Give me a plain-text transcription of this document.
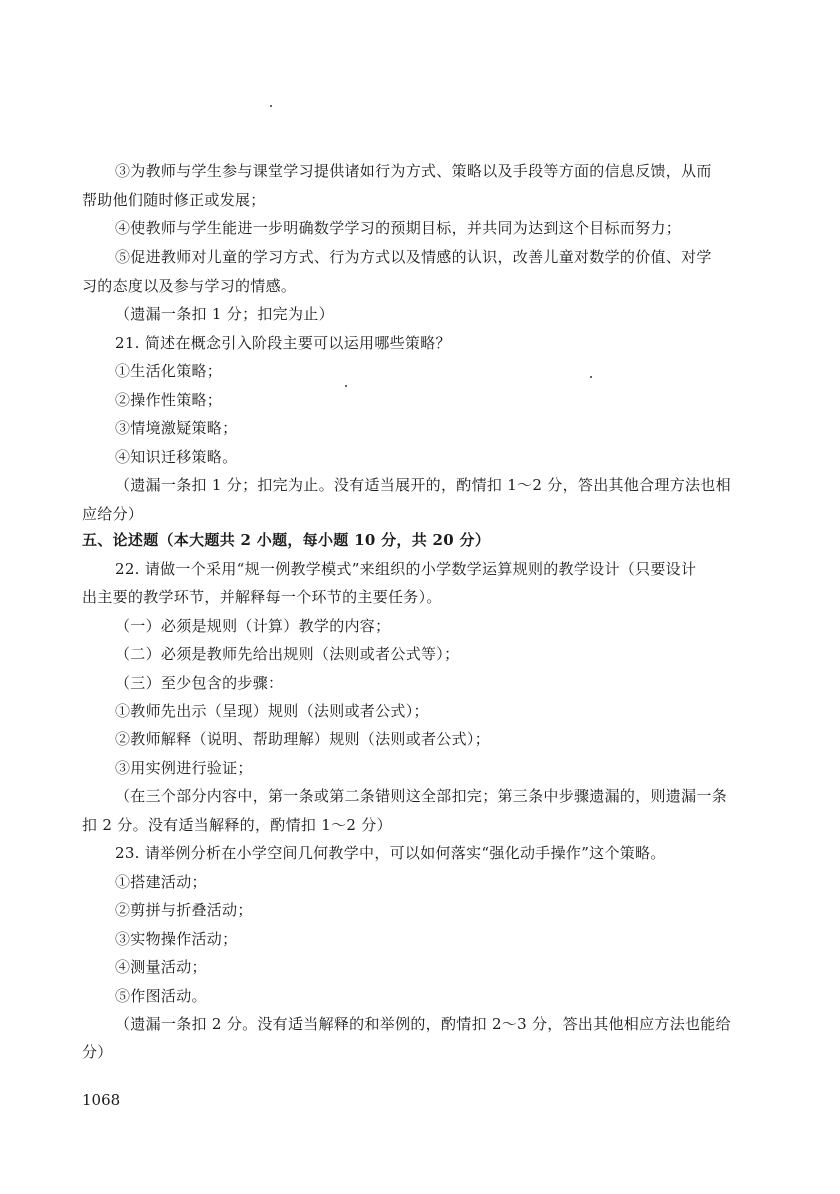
③为教师与学生参与课堂学习提供诸如行为方式、策略以及手段等方面的信息反馈，从而
帮助他们随时修正或发展；
④使教师与学生能进一步明确数学学习的预期目标，并共同为达到这个目标而努力；
⑤促进教师对儿童的学习方式、行为方式以及情感的认识，改善儿童对数学的价值、对学
习的态度以及参与学习的情感。
（遗漏一条扣 1 分；扣完为止）
21. 简述在概念引入阶段主要可以运用哪些策略？
①生活化策略；
②操作性策略；
③情境激疑策略；
④知识迁移策略。
（遗漏一条扣 1 分；扣完为止。没有适当展开的，酌情扣 1～2 分，答出其他合理方法也相
应给分）
五、论述题（本大题共 2 小题，每小题 10 分，共 20 分）
22. 请做一个采用“规一例教学模式”来组织的小学数学运算规则的教学设计（只要设计
出主要的教学环节，并解释每一个环节的主要任务）。
（一）必须是规则（计算）教学的内容；
（二）必须是教师先给出规则（法则或者公式等）；
（三）至少包含的步骤：
①教师先出示（呈现）规则（法则或者公式）；
②教师解释（说明、帮助理解）规则（法则或者公式）；
③用实例进行验证；
（在三个部分内容中，第一条或第二条错则这全部扣完；第三条中步骤遗漏的，则遗漏一条
扣 2 分。没有适当解释的，酌情扣 1～2 分）
23. 请举例分析在小学空间几何教学中，可以如何落实“强化动手操作”这个策略。
①搭建活动；
②剪拼与折叠活动；
③实物操作活动；
④测量活动；
⑤作图活动。
（遗漏一条扣 2 分。没有适当解释的和举例的，酌情扣 2～3 分，答出其他相应方法也能给
分）
1068
